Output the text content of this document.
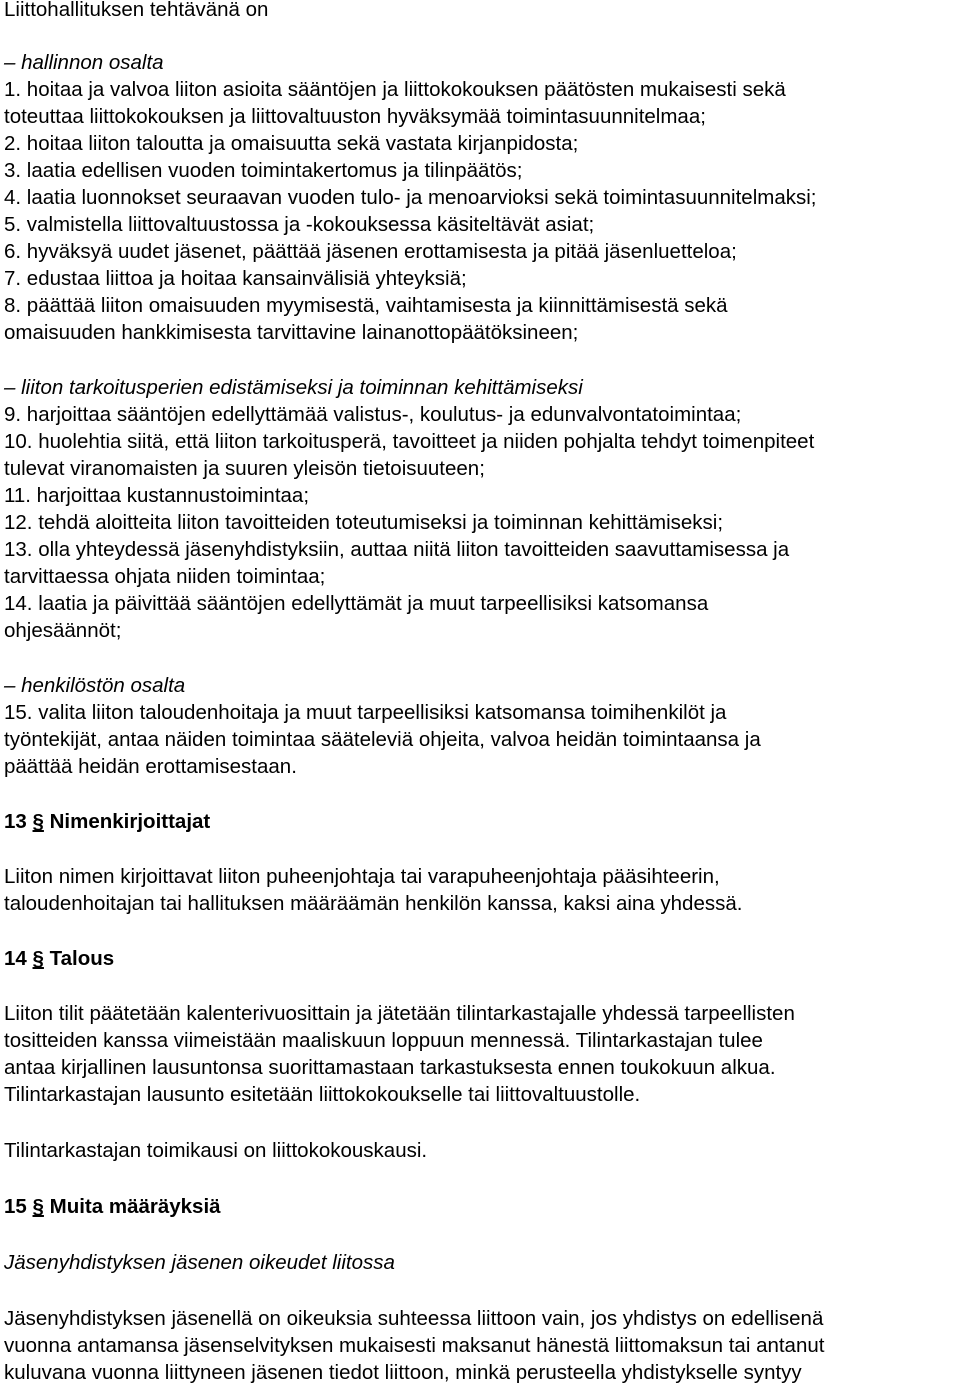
Liittohallituksen tehtävänä on
– hallinnon osalta
1. hoitaa ja valvoa liiton asioita sääntöjen ja liittokokouksen päätösten mukaisesti sekä
toteuttaa liittokokouksen ja liittovaltuuston hyväksymää toimintasuunnitelmaa;
2. hoitaa liiton taloutta ja omaisuutta sekä vastata kirjanpidosta;
3. laatia edellisen vuoden toimintakertomus ja tilinpäätös;
4. laatia luonnokset seuraavan vuoden tulo- ja menoarvioksi sekä toimintasuunnitelmaksi;
5. valmistella liittovaltuustossa ja -kokouksessa käsiteltävät asiat;
6. hyväksyä uudet jäsenet, päättää jäsenen erottamisesta ja pitää jäsenluetteloa;
7. edustaa liittoa ja hoitaa kansainvälisiä yhteyksiä;
8. päättää liiton omaisuuden myymisestä, vaihtamisesta ja kiinnittämisestä sekä
omaisuuden hankkimisesta tarvittavine lainanottopäätöksineen;
– liiton tarkoitusperien edistämiseksi ja toiminnan kehittämiseksi
9. harjoittaa sääntöjen edellyttämää valistus-, koulutus- ja edunvalvontatoimintaa;
10. huolehtia siitä, että liiton tarkoitusperä, tavoitteet ja niiden pohjalta tehdyt toimenpiteet
tulevat viranomaisten ja suuren yleisön tietoisuuteen;
11. harjoittaa kustannustoimintaa;
12. tehdä aloitteita liiton tavoitteiden toteutumiseksi ja toiminnan kehittämiseksi;
13. olla yhteydessä jäsenyhdistyksiin, auttaa niitä liiton tavoitteiden saavuttamisessa ja
tarvittaessa ohjata niiden toimintaa;
14. laatia ja päivittää sääntöjen edellyttämät ja muut tarpeellisiksi katsomansa
ohjesäännöt;
– henkilöstön osalta
15. valita liiton taloudenhoitaja ja muut tarpeellisiksi katsomansa toimihenkilöt ja
työntekijät, antaa näiden toimintaa sääteleviä ohjeita, valvoa heidän toimintaansa ja
päättää heidän erottamisestaan.
13 § Nimenkirjoittajat
Liiton nimen kirjoittavat liiton puheenjohtaja tai varapuheenjohtaja pääsihteerin,
taloudenhoitajan tai hallituksen määräämän henkilön kanssa, kaksi aina yhdessä.
14 § Talous
Liiton tilit päätetään kalenterivuosittain ja jätetään tilintarkastajalle yhdessä tarpeellisten
tositteiden kanssa viimeistään maaliskuun loppuun mennessä. Tilintarkastajan tulee
antaa kirjallinen lausuntonsa suorittamastaan tarkastuksesta ennen toukokuun alkua.
Tilintarkastajan lausunto esitetään liittokokoukselle tai liittovaltuustolle.
Tilintarkastajan toimikausi on liittokokouskausi.
15 § Muita määräyksiä
Jäsenyhdistyksen jäsenen oikeudet liitossa
Jäsenyhdistyksen jäsenellä on oikeuksia suhteessa liittoon vain, jos yhdistys on edellisenä
vuonna antamansa jäsenselvityksen mukaisesti maksanut hänestä liittomaksun tai antanut
kuluvana vuonna liittyneen jäsenen tiedot liittoon, minkä perusteella yhdistykselle syntyy
